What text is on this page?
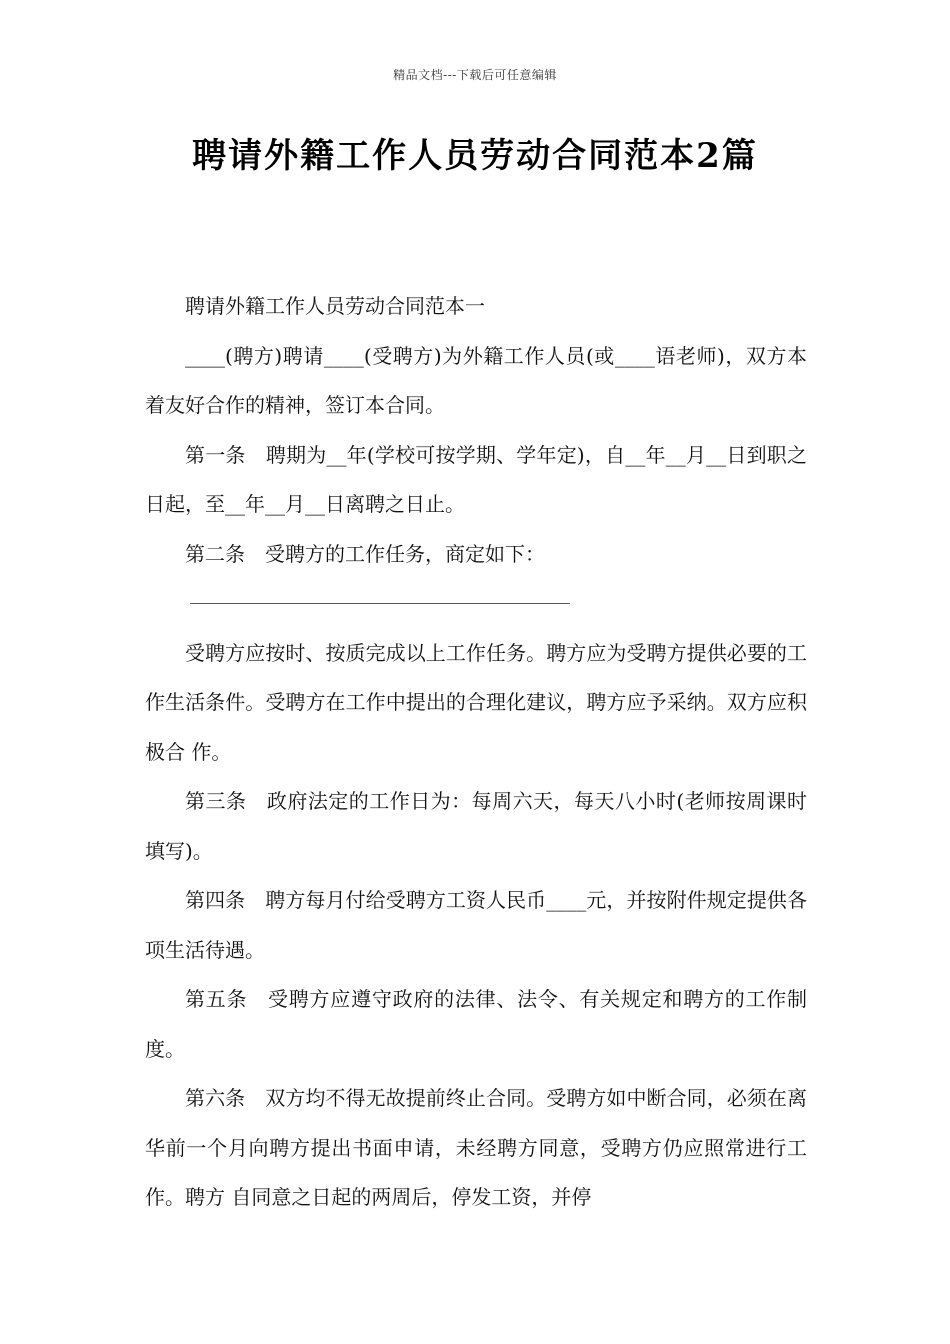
精品文档---下载后可任意编辑
聘请外籍工作人员劳动合同范本2篇

聘请外籍工作人员劳动合同范本一

____(聘方)聘请____(受聘方)为外籍工作人员(或____语老师)，双方本着友好合作的精神，签订本合同。

第一条　聘期为__年(学校可按学期、学年定)，自__年__月__日到职之日起，至__年__月__日离聘之日止。

第二条　受聘方的工作任务，商定如下：

受聘方应按时、按质完成以上工作任务。聘方应为受聘方提供必要的工作生活条件。受聘方在工作中提出的合理化建议，聘方应予采纳。双方应积极合 作。

第三条　政府法定的工作日为：每周六天，每天八小时(老师按周课时填写)。

第四条　聘方每月付给受聘方工资人民币____元，并按附件规定提供各项生活待遇。

第五条　受聘方应遵守政府的法律、法令、有关规定和聘方的工作制度。

第六条　双方均不得无故提前终止合同。受聘方如中断合同，必须在离华前一个月向聘方提出书面申请，未经聘方同意，受聘方仍应照常进行工作。聘方 自同意之日起的两周后，停发工资，并停
